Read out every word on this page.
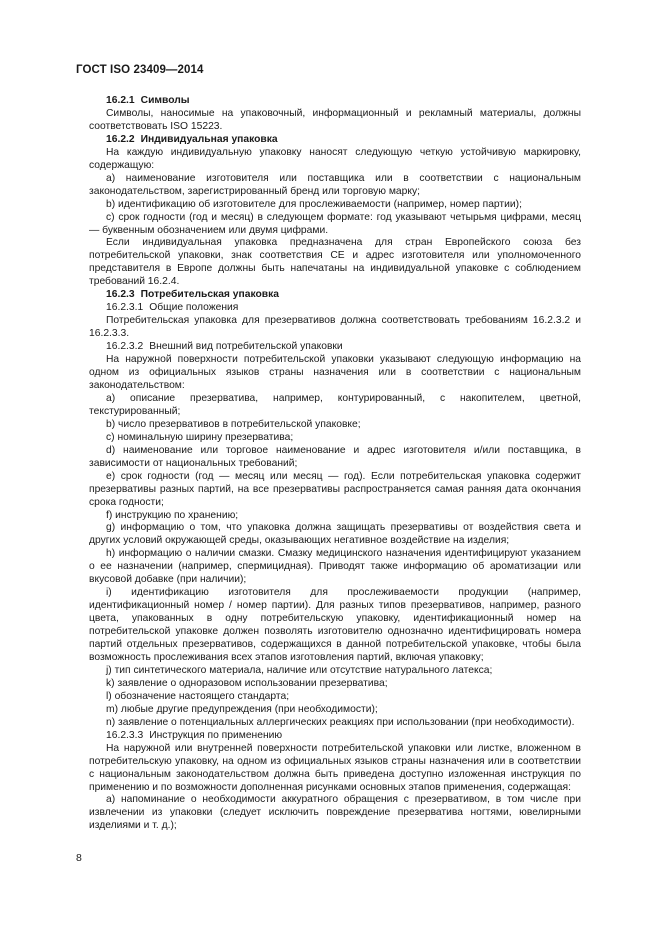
ГОСТ ISO 23409—2014

16.2.1 Символы

Символы, наносимые на упаковочный, информационный и рекламный материалы, должны соответствовать ISO 15223.

16.2.2 Индивидуальная упаковка

На каждую индивидуальную упаковку наносят следующую четкую устойчивую маркировку, содержащую:

a) наименование изготовителя или поставщика или в соответствии с национальным законодательством, зарегистрированный бренд или торговую марку;

b) идентификацию об изготовителе для прослеживаемости (например, номер партии);

c) срок годности (год и месяц) в следующем формате: год указывают четырьмя цифрами, месяц — буквенным обозначением или двумя цифрами.

Если индивидуальная упаковка предназначена для стран Европейского союза без потребительской упаковки, знак соответствия CE и адрес изготовителя или уполномоченного представителя в Европе должны быть напечатаны на индивидуальной упаковке с соблюдением требований 16.2.4.

16.2.3 Потребительская упаковка

16.2.3.1 Общие положения

Потребительская упаковка для презервативов должна соответствовать требованиям 16.2.3.2 и 16.2.3.3.

16.2.3.2 Внешний вид потребительской упаковки

На наружной поверхности потребительской упаковки указывают следующую информацию на одном из официальных языков страны назначения или в соответствии с национальным законодательством:

a) описание презерватива, например, контурированный, с накопителем, цветной, текстурированный;

b) число презервативов в потребительской упаковке;

c) номинальную ширину презерватива;

d) наименование или торговое наименование и адрес изготовителя и/или поставщика, в зависимости от национальных требований;

e) срок годности (год — месяц или месяц — год). Если потребительская упаковка содержит презервативы разных партий, на все презервативы распространяется самая ранняя дата окончания срока годности;

f) инструкцию по хранению;

g) информацию о том, что упаковка должна защищать презервативы от воздействия света и других условий окружающей среды, оказывающих негативное воздействие на изделия;

h) информацию о наличии смазки. Смазку медицинского назначения идентифицируют указанием о ее назначении (например, спермицидная). Приводят также информацию об ароматизации или вкусовой добавке (при наличии);

i) идентификацию изготовителя для прослеживаемости продукции (например, идентификационный номер / номер партии). Для разных типов презервативов, например, разного цвета, упакованных в одну потребительскую упаковку, идентификационный номер на потребительской упаковке должен позволять изготовителю однозначно идентифицировать номера партий отдельных презервативов, содержащихся в данной потребительской упаковке, чтобы была возможность прослеживания всех этапов изготовления партий, включая упаковку;

j) тип синтетического материала, наличие или отсутствие натурального латекса;

k) заявление о одноразовом использовании презерватива;

l) обозначение настоящего стандарта;

m) любые другие предупреждения (при необходимости);

n) заявление о потенциальных аллергических реакциях при использовании (при необходимости).

16.2.3.3 Инструкция по применению

На наружной или внутренней поверхности потребительской упаковки или листке, вложенном в потребительскую упаковку, на одном из официальных языков страны назначения или в соответствии с национальным законодательством должна быть приведена доступно изложенная инструкция по применению и по возможности дополненная рисунками основных этапов применения, содержащая:

a) напоминание о необходимости аккуратного обращения с презервативом, в том числе при извлечении из упаковки (следует исключить повреждение презерватива ногтями, ювелирными изделиями и т. д.);

8
